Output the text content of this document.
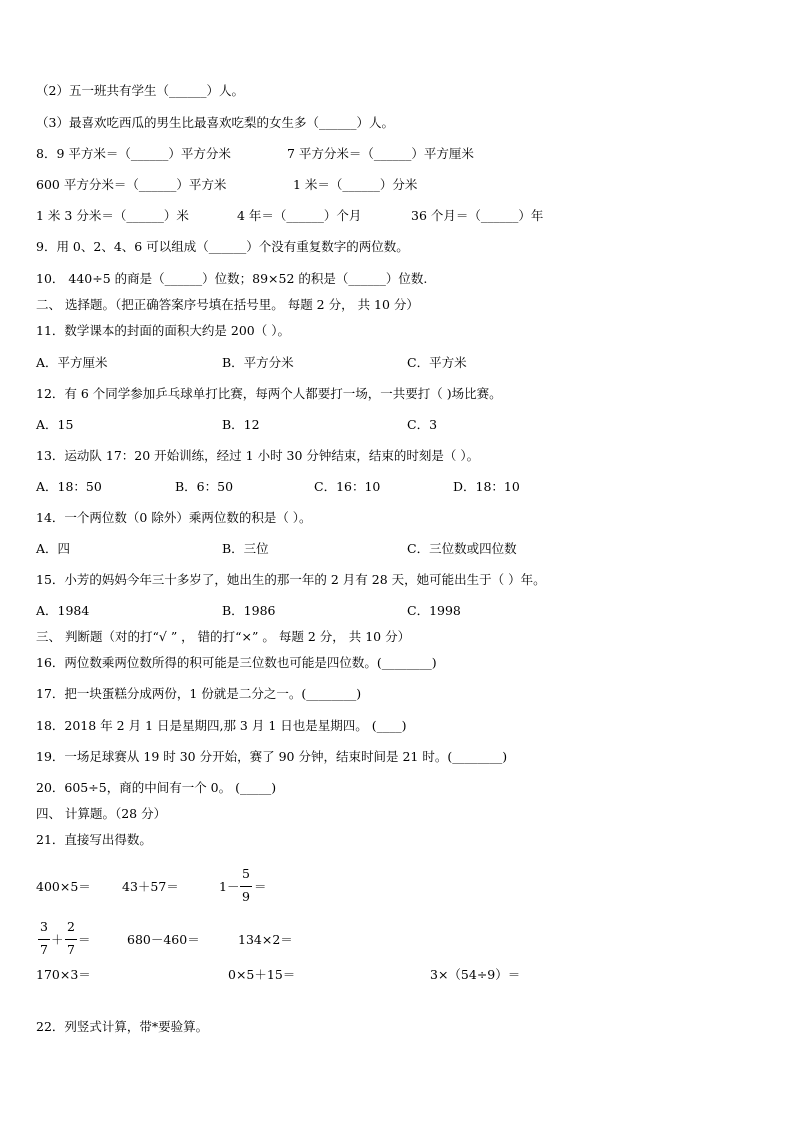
（2）五一班共有学生（______）人。
（3）最喜欢吃西瓜的男生比最喜欢吃梨的女生多（______）人。
8．9 平方米＝（______）平方分米	7 平方分米＝（______）平方厘米
600 平方分米＝（______）平方米	1 米＝（______）分米
1 米 3 分米＝（______）米	4 年＝（______）个月	36 个月＝（______）年
9．用 0、2、4、6 可以组成（______）个没有重复数字的两位数。
10． 440÷5 的商是（______）位数；89×52 的积是（______）位数.
二、 选择题。（把正确答案序号填在括号里。 每题 2 分， 共 10 分）
11．数学课本的封面的面积大约是 200（ ）。
A．平方厘米	B．平方分米	C．平方米
12．有 6 个同学参加乒乓球单打比赛，每两个人都要打一场，一共要打（ )场比赛。
A．15	B．12	C．3
13．运动队 17：20 开始训练，经过 1 小时 30 分钟结束，结束的时刻是（ ）。
A．18：50	B．6：50	C．16：10	D．18：10
14．一个两位数（0 除外）乘两位数的积是（ ）。
A．四	B．三位	C．三位数或四位数
15．小芳的妈妈今年三十多岁了，她出生的那一年的 2 月有 28 天，她可能出生于（ ）年。
A．1984	B．1986	C．1998
三、 判断题（对的打“√ ” ， 错的打“×” 。 每题 2 分， 共 10 分）
16．两位数乘两位数所得的积可能是三位数也可能是四位数。(________)
17．把一块蛋糕分成两份，1 份就是二分之一。(________)
18．2018 年 2 月 1 日是星期四,那 3 月 1 日也是星期四。 (____)
19．一场足球赛从 19 时 30 分开始，赛了 90 分钟，结束时间是 21 时。(________)
20．605÷5，商的中间有一个 0。 (_____)
四、 计算题。（28 分）
21．直接写出得数。
400×5＝ 43＋57＝	1－
5
9
＝
3
7
＋
2
7
＝	680－460＝	134×2＝
170×3＝	0×5＋15＝	3×（54÷9）＝
22．列竖式计算，带*要验算。
